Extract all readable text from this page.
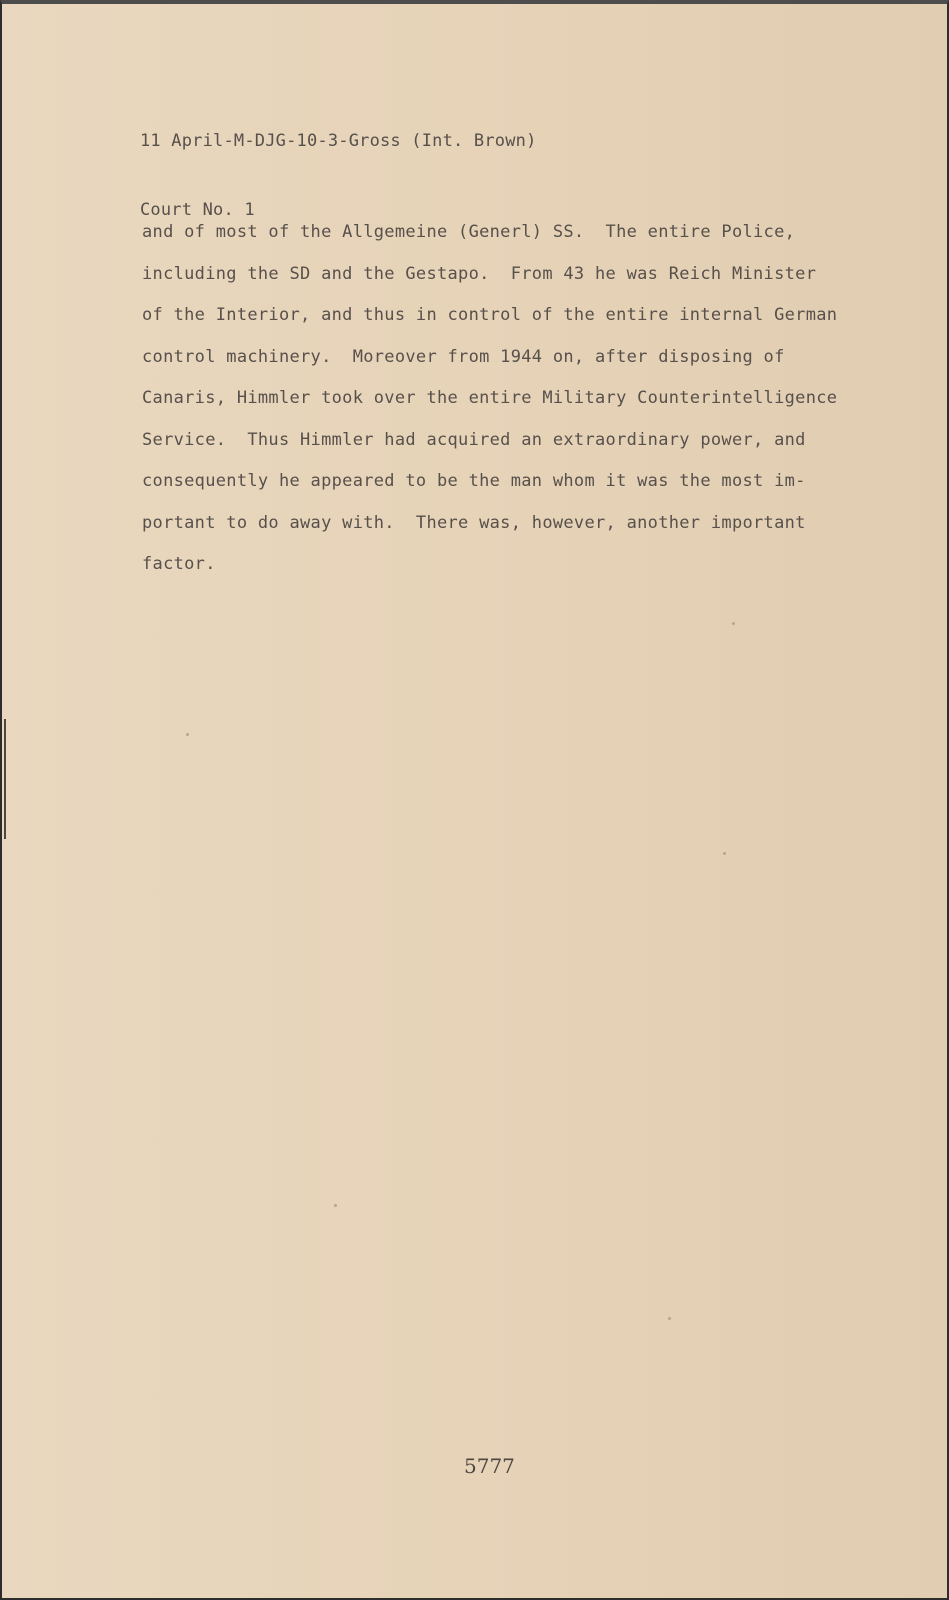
11 April-M-DJG-10-3-Gross (Int. Brown)

Court No. 1

and of most of the Allgemeine (Generl) SS.  The entire Police,
including the SD and the Gestapo.  From 43 he was Reich Minister
of the Interior, and thus in control of the entire internal German
control machinery.  Moreover from 1944 on, after disposing of
Canaris, Himmler took over the entire Military Counterintelligence
Service.  Thus Himmler had acquired an extraordinary power, and
consequently he appeared to be the man whom it was the most im-
portant to do away with.  There was, however, another important
factor.
5777
